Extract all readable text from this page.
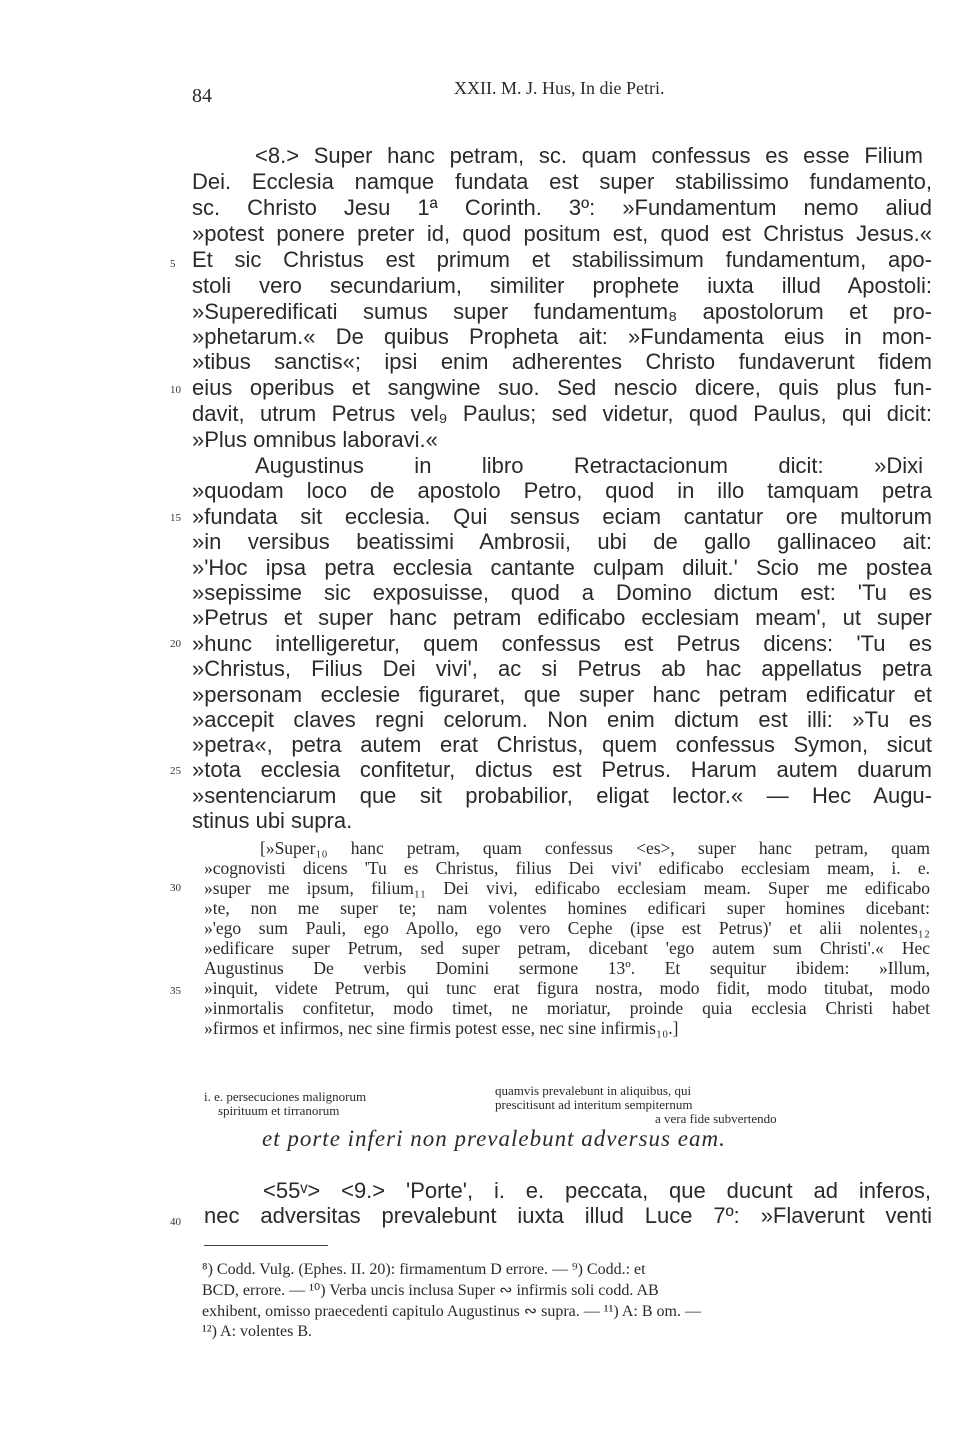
84	XXII. M. J. Hus, In die Petri.
5
10
15
20
25
30
35
40
<8.> Super hanc petram, sc. quam confessus es esse Filium
Dei. Ecclesia namque fundata est super stabilissimo fundamento,
sc. Christo Jesu 1ª Corinth. 3º: »Fundamentum nemo aliud
»potest ponere preter id, quod positum est, quod est Christus Jesus.«
Et sic Christus est primum et stabilissimum fundamentum, apo-
stoli vero secundarium, similiter prophete iuxta illud Apostoli:
»Superedificati sumus super fundamentum₈ apostolorum et pro-
»phetarum.« De quibus Propheta ait: »Fundamenta eius in mon-
»tibus sanctis«; ipsi enim adherentes Christo fundaverunt fidem
eius operibus et sangwine suo. Sed nescio dicere, quis plus fun-
davit, utrum Petrus vel₉ Paulus; sed videtur, quod Paulus, qui dicit:
»Plus omnibus laboravi.«
Augustinus in libro Retractacionum dicit: »Dixi
»quodam loco de apostolo Petro, quod in illo tamquam petra
»fundata sit ecclesia. Qui sensus eciam cantatur ore multorum
»in versibus beatissimi Ambrosii, ubi de gallo gallinaceo ait:
»'Hoc ipsa petra ecclesia cantante culpam diluit.' Scio me postea
»sepissime sic exposuisse, quod a Domino dictum est: 'Tu es
»Petrus et super hanc petram edificabo ecclesiam meam', ut super
»hunc intelligeretur, quem confessus est Petrus dicens: 'Tu es
»Christus, Filius Dei vivi', ac si Petrus ab hac appellatus petra
»personam ecclesie figuraret, que super hanc petram edificatur et
»accepit claves regni celorum. Non enim dictum est illi: »Tu es
»petra«, petra autem erat Christus, quem confessus Symon, sicut
»tota ecclesia confitetur, dictus est Petrus. Harum autem duarum
»sentenciarum que sit probabilior, eligat lector.« — Hec Augu-
stinus ubi supra.
[»Super₁₀ hanc petram, quam confessus <es>, super hanc petram, quam
»cognovisti dicens 'Tu es Christus, filius Dei vivi' edificabo ecclesiam meam, i. e.
»super me ipsum, filium₁₁ Dei vivi, edificabo ecclesiam meam. Super me edificabo
»te, non me super te; nam volentes homines edificari super homines dicebant:
»'ego sum Pauli, ego Apollo, ego vero Cephe (ipse est Petrus)' et alii nolentes₁₂
»edificare super Petrum, sed super petram, dicebant 'ego autem sum Christi'.« Hec
Augustinus De verbis Domini sermone 13º. Et sequitur ibidem: »Illum,
»inquit, videte Petrum, qui tunc erat figura nostra, modo fidit, modo titubat, modo
»inmortalis confitetur, modo timet, ne moriatur, proinde quia ecclesia Christi habet
»firmos et infirmos, nec sine firmis potest esse, nec sine infirmis₁₀.]
i. e. persecuciones malignorum
spirituum et tirranorum
quamvis prevalebunt in aliquibus, qui
prescitisunt ad interitum sempiternum
a vera fide subvertendo
et porte inferi non prevalebunt adversus eam.
<55ᵛ> <9.> 'Porte', i. e. peccata, que ducunt ad inferos,
nec adversitas prevalebunt iuxta illud Luce 7º: »Flaverunt venti
⁸) Codd. Vulg. (Ephes. II. 20): firmamentum D errore. — ⁹) Codd.: et
BCD, errore. — ¹⁰) Verba uncis inclusa Super ∾ infirmis soli codd. AB
exhibent, omisso praecedenti capitulo Augustinus ∾ supra. — ¹¹) A: B om. —
¹²) A: volentes B.
